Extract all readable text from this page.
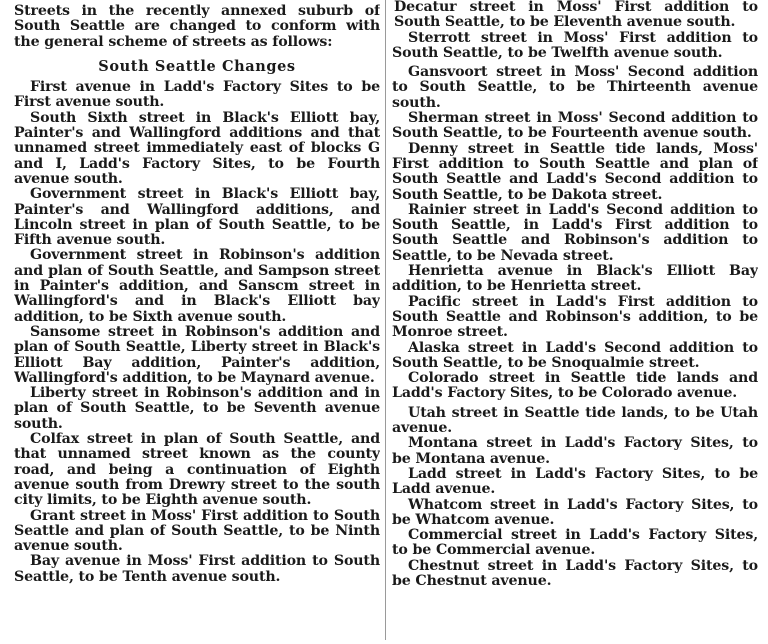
Streets in the recently annexed suburb of South Seattle are changed to conform with the general scheme of streets as follows:

South Seattle Changes

First avenue in Ladd's Factory Sites to be First avenue south.

South Sixth street in Black's Elliott bay, Painter's and Wallingford additions and that unnamed street immediately east of blocks G and I, Ladd's Factory Sites, to be Fourth avenue south.

Government street in Black's Elliott bay, Painter's and Wallingford additions, and Lincoln street in plan of South Seattle, to be Fifth avenue south.

Government street in Robinson's addition and plan of South Seattle, and Sampson street in Painter's addition, and Sanscm street in Wallingford's and in Black's Elliott bay addition, to be Sixth avenue south.

Sansome street in Robinson's addition and plan of South Seattle, Liberty street in Black's Elliott Bay addition, Painter's addition, Wallingford's addition, to be Maynard avenue.

Liberty street in Robinson's addition and in plan of South Seattle, to be Seventh avenue south.

Colfax street in plan of South Seattle, and that unnamed street known as the county road, and being a continuation of Eighth avenue south from Drewry street to the south city limits, to be Eighth avenue south.

Grant street in Moss' First addition to South Seattle and plan of South Seattle, to be Ninth avenue south.

Bay avenue in Moss' First addition to South Seattle, to be Tenth avenue south.

Decatur street in Moss' First addition to South Seattle, to be Eleventh avenue south.

Sterrott street in Moss' First addition to South Seattle, to be Twelfth avenue south.

Gansvoort street in Moss' Second addition to South Seattle, to be Thirteenth avenue south.

Sherman street in Moss' Second addition to South Seattle, to be Fourteenth avenue south.

Denny street in Seattle tide lands, Moss' First addition to South Seattle and plan of South Seattle and Ladd's Second addition to South Seattle, to be Dakota street.

Rainier street in Ladd's Second addition to South Seattle, in Ladd's First addition to South Seattle and Robinson's addition to Seattle, to be Nevada street.

Henrietta avenue in Black's Elliott Bay addition, to be Henrietta street.

Pacific street in Ladd's First addition to South Seattle and Robinson's addition, to be Monroe street.

Alaska street in Ladd's Second addition to South Seattle, to be Snoqualmie street.

Colorado street in Seattle tide lands and Ladd's Factory Sites, to be Colorado avenue.

Utah street in Seattle tide lands, to be Utah avenue.

Montana street in Ladd's Factory Sites, to be Montana avenue.

Ladd street in Ladd's Factory Sites, to be Ladd avenue.

Whatcom street in Ladd's Factory Sites, to be Whatcom avenue.

Commercial street in Ladd's Factory Sites, to be Commercial avenue.

Chestnut street in Ladd's Factory Sites, to be Chestnut avenue.
